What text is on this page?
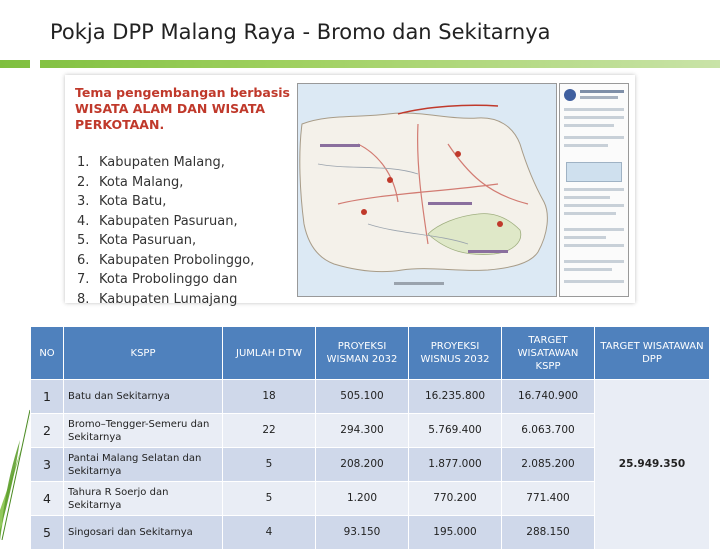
Pokja DPP Malang Raya - Bromo dan Sekitarnya
Tema pengembangan berbasis
WISATA ALAM DAN WISATA
PERKOTAAN.
1. Kabupaten Malang,
2. Kota Malang,
3. Kota Batu,
4. Kabupaten Pasuruan,
5. Kota Pasuruan,
6. Kabupaten Probolinggo,
7. Kota Probolinggo dan
8. Kabupaten Lumajang
NO	KSPP	JUMLAH DTW	PROYEKSI WISMAN 2032	PROYEKSI WISNUS 2032	TARGET WISATAWAN KSPP	TARGET WISATAWAN DPP
1	Batu dan Sekitarnya	18	505.100	16.235.800	16.740.900	25.949.350
2	Bromo–Tengger-Semeru dan Sekitarnya	22	294.300	5.769.400	6.063.700	
3	Pantai Malang Selatan dan Sekitarnya	5	208.200	1.877.000	2.085.200	
4	Tahura R Soerjo dan Sekitarnya	5	1.200	770.200	771.400	
5	Singosari dan Sekitarnya	4	93.150	195.000	288.150	
